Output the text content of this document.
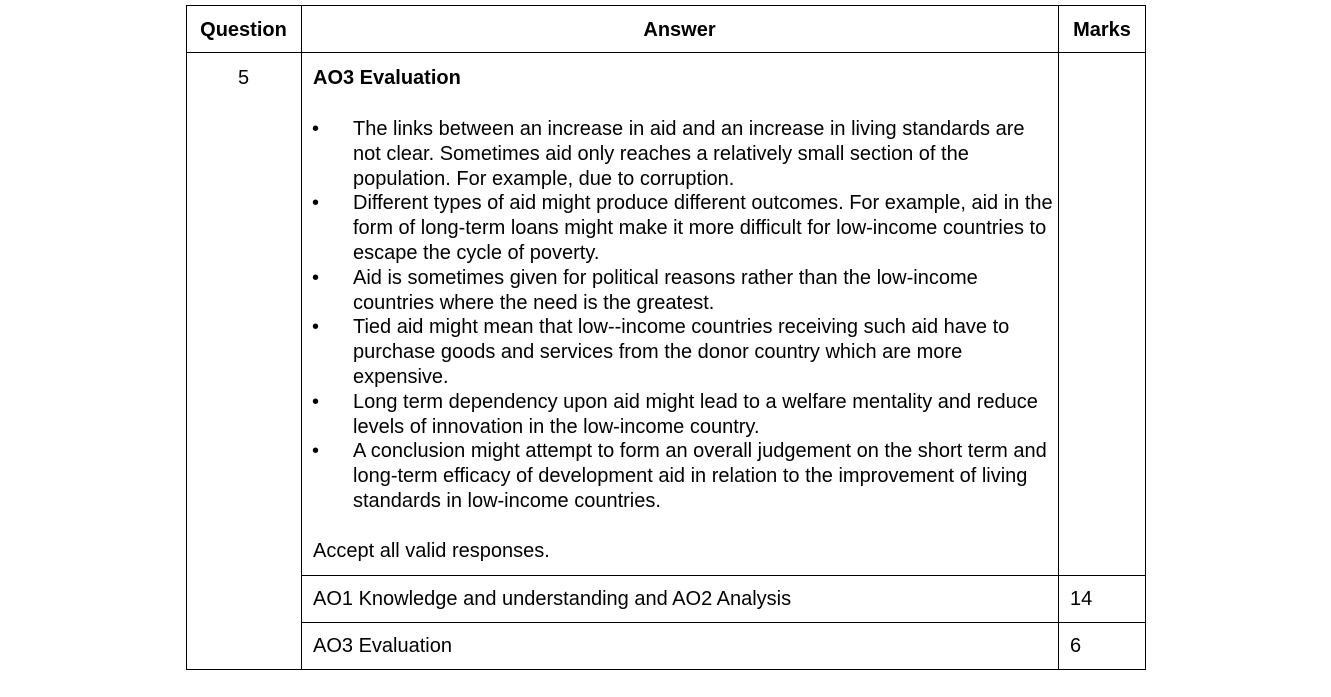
Question	Answer	Marks
5	AO3 Evaluation
• The links between an increase in aid and an increase in living standards are not clear. Sometimes aid only reaches a relatively small section of the population. For example, due to corruption.
• Different types of aid might produce different outcomes. For example, aid in the form of long-term loans might make it more difficult for low-income countries to escape the cycle of poverty.
• Aid is sometimes given for political reasons rather than the low-income countries where the need is the greatest.
• Tied aid might mean that low--income countries receiving such aid have to purchase goods and services from the donor country which are more expensive.
• Long term dependency upon aid might lead to a welfare mentality and reduce levels of innovation in the low-income country.
• A conclusion might attempt to form an overall judgement on the short term and long-term efficacy of development aid in relation to the improvement of living standards in low-income countries.
Accept all valid responses.
AO1 Knowledge and understanding and AO2 Analysis	14
AO3 Evaluation	6
